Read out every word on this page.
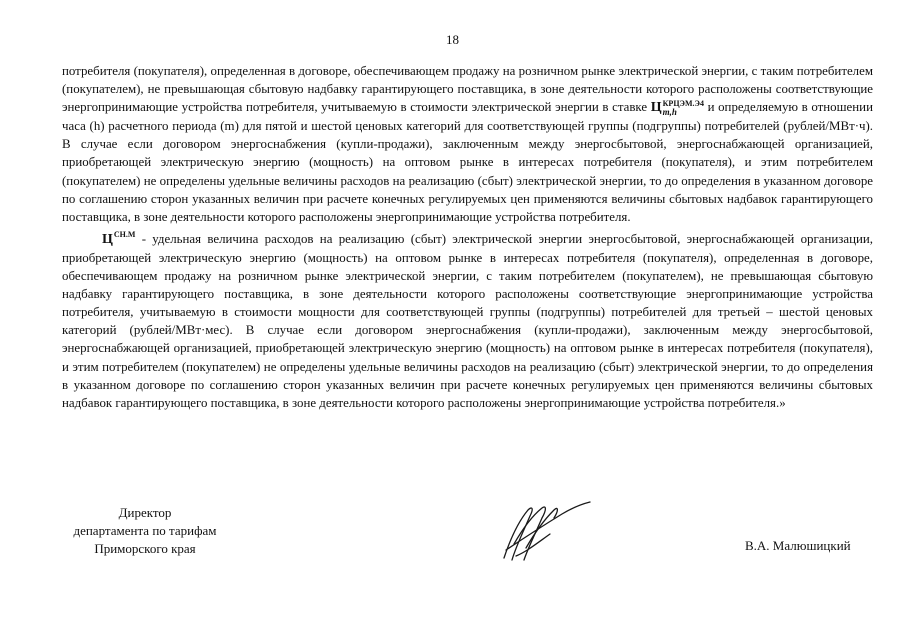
18

потребителя (покупателя), определенная в договоре, обеспечивающем продажу на розничном рынке электрической энергии, с таким потребителем (покупателем), не превышающая сбытовую надбавку гарантирующего поставщика, в зоне деятельности которого расположены соответствующие энергопринимающие устройства потребителя, учитываемую в стоимости электрической энергии в ставке Ц КРЦЭМ.Э4
m,h	и определяемую в отношении часа (h) расчетного периода (m) для пятой и шестой ценовых категорий для соответствующей группы (подгруппы) потребителей (рублей/МВт·ч). В случае если договором энергоснабжения (купли-продажи), заключенным между энергосбытовой, энергоснабжающей организацией, приобретающей электрическую энергию (мощность) на оптовом рынке в интересах потребителя (покупателя), и этим потребителем (покупателем) не определены удельные величины расходов на реализацию (сбыт) электрической энергии, то до определения в указанном договоре по соглашению сторон указанных величин при расчете конечных регулируемых цен применяются величины сбытовых надбавок гарантирующего поставщика, в зоне деятельности которого расположены энергопринимающие устройства потребителя.

$Ц^{СН.М}$ - удельная величина расходов на реализацию (сбыт) электрической энергии энергосбытовой, энергоснабжающей организации, приобретающей электрическую энергию (мощность) на оптовом рынке в интересах потребителя (покупателя), определенная в договоре, обеспечивающем продажу на розничном рынке электрической энергии, с таким потребителем (покупателем), не превышающая сбытовую надбавку гарантирующего поставщика, в зоне деятельности которого расположены соответствующие энергопринимающие устройства потребителя, учитываемую в стоимости мощности для соответствующей группы (подгруппы) потребителей для третьей – шестой ценовых категорий (рублей/МВт·мес). В случае если договором энергоснабжения (купли-продажи), заключенным между энергосбытовой, энергоснабжающей организацией, приобретающей электрическую энергию (мощность) на оптовом рынке в интересах потребителя (покупателя), и этим потребителем (покупателем) не определены удельные величины расходов на реализацию (сбыт) электрической энергии, то до определения в указанном договоре по соглашению сторон указанных величин при расчете конечных регулируемых цен применяются величины сбытовых надбавок гарантирующего поставщика, в зоне деятельности которого расположены энергопринимающие устройства потребителя.»

Директор
департамента по тарифам
Приморского края	В.А. Малюшицкий
